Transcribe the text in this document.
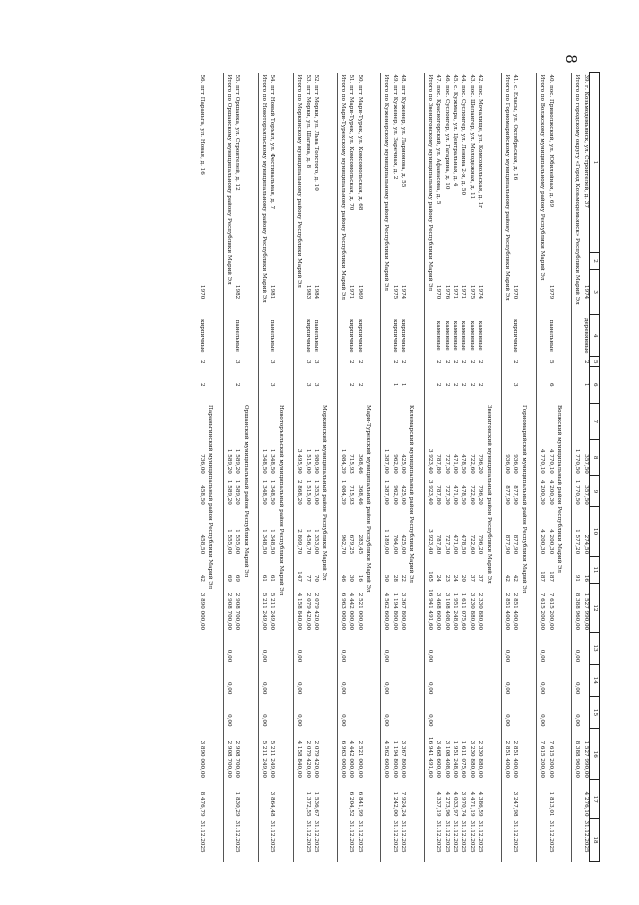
8
1	2	3	4	5	6	7	8	9	10	11	12	13	14	15	16	17	18
39. г. Козьмодемьянск, ул. Строителей, д. 37		1974	деревянные	2	1		357,50	357,50	274,50	16	1 527 990,00				1 527 990,00	4 276,10	31.12.2025
Итого по городскому округу «Город Козьмодемьянск» Республики Марий Эл							1 770,50	1 770,50	1 577,20	91	8 388 960,00	0,00	0,00	0,00	8 388 960,00		

						Волжский муниципальный район Республики Марий Эл											
40. пос. Приволжский, ул. Юбилейная, д. 69		1979	панельные	5	6		4 770,10	4 200,30	4 200,30	187	7 615 200,00				7 615 200,00	1 813,01	31.12.2025
Итого по Волжскому муниципальному району Республики Марий Эл							4 770,10	4 200,30	4 200,30	187	7 615 200,00	0,00	0,00	0,00	7 615 200,00		

						Горномарийский муниципальный район Республики Марий Эл											
41. с. Еласы, ул. Октябрьская, д. 16		1970	кирпичные	2	3		936,00	877,90	877,90	42	2 851 400,00				2 851 400,00	3 247,98	31.12.2025
Итого по Горномарийскому муниципальному району Республики Марий Эл							936,00	877,90	877,90	42	2 851 400,00	0,00	0,00	0,00	2 851 400,00		

						Звениговский муниципальный район Республики Марий Эл											
42. пос. Мочалище, ул. Комсомольская, д. 1г		1974	каменные	2	2		796,20	796,20	796,20	37	2 330 880,00				2 330 880,00	4 386,59	31.12.2025
43. пос. Шелангер, ул. Молодежная, д. 11		1975	каменные	2	2		722,60	722,60	722,60	37	3 230 880,00				3 230 880,00	4 471,19	31.12.2025
44. пос. Суслонгер, ул. Ленина 2-я, д. 50		1971	каменные	2	2		478,50	478,50	478,50	20	1 611 075,60				1 611 075,60	3 970,74	31.12.2025
45. с. Кужмара, ул. Центральная, д. 4		1971	каменные	2	2		471,00	471,00	471,00	24	1 951 248,00				1 951 248,00	4 033,97	31.12.2025
46. пос. Суслонгер, ул. Гагарина, д. 10		1976	каменные	2	2		727,30	727,30	727,30	23	3 108 408,00				3 108 408,00	4 273,96	31.12.2025
47. пос. Красногорский, ул. Афанасова, д. 5		1970	каменные	2	2		787,80	787,80	787,80	24	3 468 600,00				3 468 600,00	4 337,19	31.12.2025
Итого по Звениговскому муниципальному району Республики Марий Эл							3 923,40	3 923,40	3 923,40	165	16 941 491,60	0,00	0,00	0,00	16 941 491,60		

						Килемарский муниципальный район Республики Марий Эл											
48. пгт Куженер, ул. Ларионова, д. 55		1974	кирпичные	2	1		425,00	425,00	425,00	22	3 367 800,00				3 367 800,00	7 924,24	31.12.2025
49. пгт Куженер, ул. Заречная, д. 2		1975	кирпичные	2	1		962,00	962,00	764,00	28	1 194 800,00				1 194 800,00	1 242,00	31.12.2025
Итого по Куженерскому муниципальному району Республики Марий Эл							1 387,00	1 387,00	1 189,00	50	4 562 600,00	0,00	0,00	0,00	4 562 600,00		

						Мари-Турекский муниципальный район Республики Марий Эл											
50. пгт Мари-Турек, ул. Комсомольская, д. 68		1969	кирпичные	2	2		368,46	368,46	283,45	16	2 521 000,00				2 521 000,00	6 841,99	31.12.2025
51. пгт Мари-Турек, ул. Комсомольская, д. 70		1971	кирпичные	2	2		715,93	715,93	679,25	30	4 442 000,00				4 442 000,00	6 204,52	31.12.2025
Итого по Мари-Турекскому муниципальному району Республики Марий Эл							1 084,39	1 084,39	962,70	46	6 963 000,00	0,00	0,00	0,00	6 963 000,00		

						Моркинский муниципальный район Республики Марий Эл											
52. пгт Морки, ул. Льва Толстого, д. 10		1984	панельные	3	3		1 980,90	1 353,00	1 353,00	70	2 079 420,00				2 079 420,00	1 536,67	31.12.2025
53. пгт Морки, ул. Шагина, д. 8		1983	кирпичные	3	3		1 515,00	1 515,00	1 456,70	77	2 079 420,00				2 079 420,00	1 372,55	31.12.2025
Итого по Моркинскому муниципальному району Республики Марий Эл							3 495,90	2 868,20	2 809,70	147	4 158 840,00	0,00	0,00	0,00	4 158 840,00		

						Новоторъяльский муниципальный район Республики Марий Эл											
54. пгт Новый Торъял, ул. Фестивальная, д. 7		1981	панельные	3	3		1 348,50	1 348,50	1 348,50	61	5 211 249,00				5 211 249,00	3 864,48	31.12.2025
Итого по Новоторъяльскому муниципальному району Республики Марий Эл							1 348,50	1 348,50	1 348,50	61	5 211 249,00	0,00	0,00	0,00	5 211 249,00		

						Оршанский муниципальный район Республики Марий Эл											
55. пгт Оршанка, ул. Строителей, д. 12		1982	панельные	3	2		1 589,20	1 589,20	1 555,00	69	2 908 700,00				2 908 700,00	1 830,29	31.12.2025
Итого по Оршанскому муниципальному району Республики Марий Эл							1 589,20	1 589,20	1 555,00	69	2 908 700,00	0,00	0,00	0,00	2 908 700,00		

						Параньгинский муниципальный район Республики Марий Эл											
56. пгт Параньга, ул. Новая, д. 16		1970	кирпичные	2	2		736,00	458,50	458,50	42	3 890 000,00				3 890 000,00	8 476,79	31.12.2025
